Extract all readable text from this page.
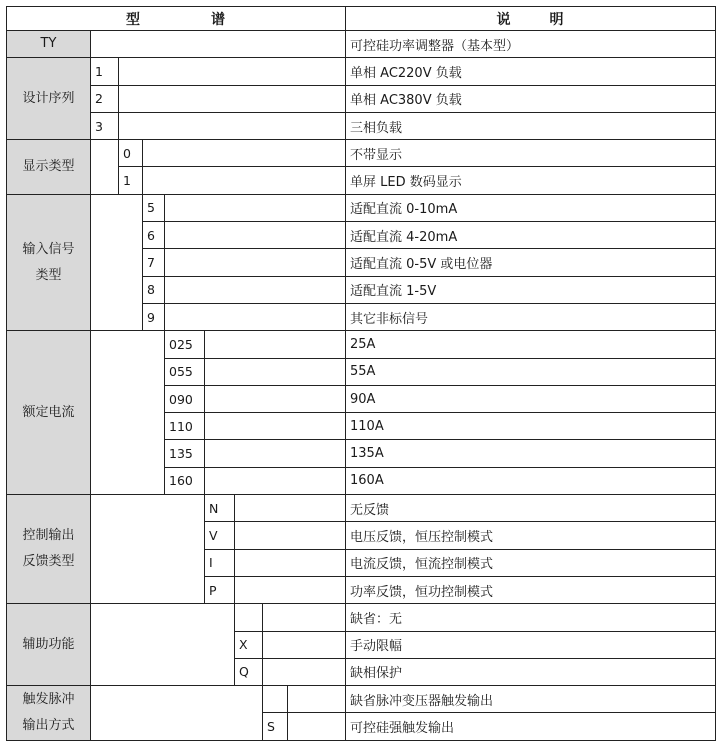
型 谱									说 明

TY									可控硅功率调整器（基本型）
设计序列	1								单相 AC220V 负载
	2								单相 AC380V 负载
	3								三相负载
显示类型		0							不带显示
		1							单屏 LED 数码显示
输入信号
类型			5						适配直流 0-10mA
			6						适配直流 4-20mA
			7						适配直流 0-5V 或电位器
			8						适配直流 1-5V
			9						其它非标信号
额定电流				025					25A
				055					55A
				090					90A
				110					110A
				135					135A
				160					160A
控制输出
反馈类型					N				无反馈
					V				电压反馈，恒压控制模式
					I				电流反馈，恒流控制模式
					P				功率反馈，恒功控制模式
辅助功能									缺省：无
						X			手动限幅
						Q			缺相保护
触发脉冲
输出方式									缺省脉冲变压器触发输出
							S		可控硅强触发输出
